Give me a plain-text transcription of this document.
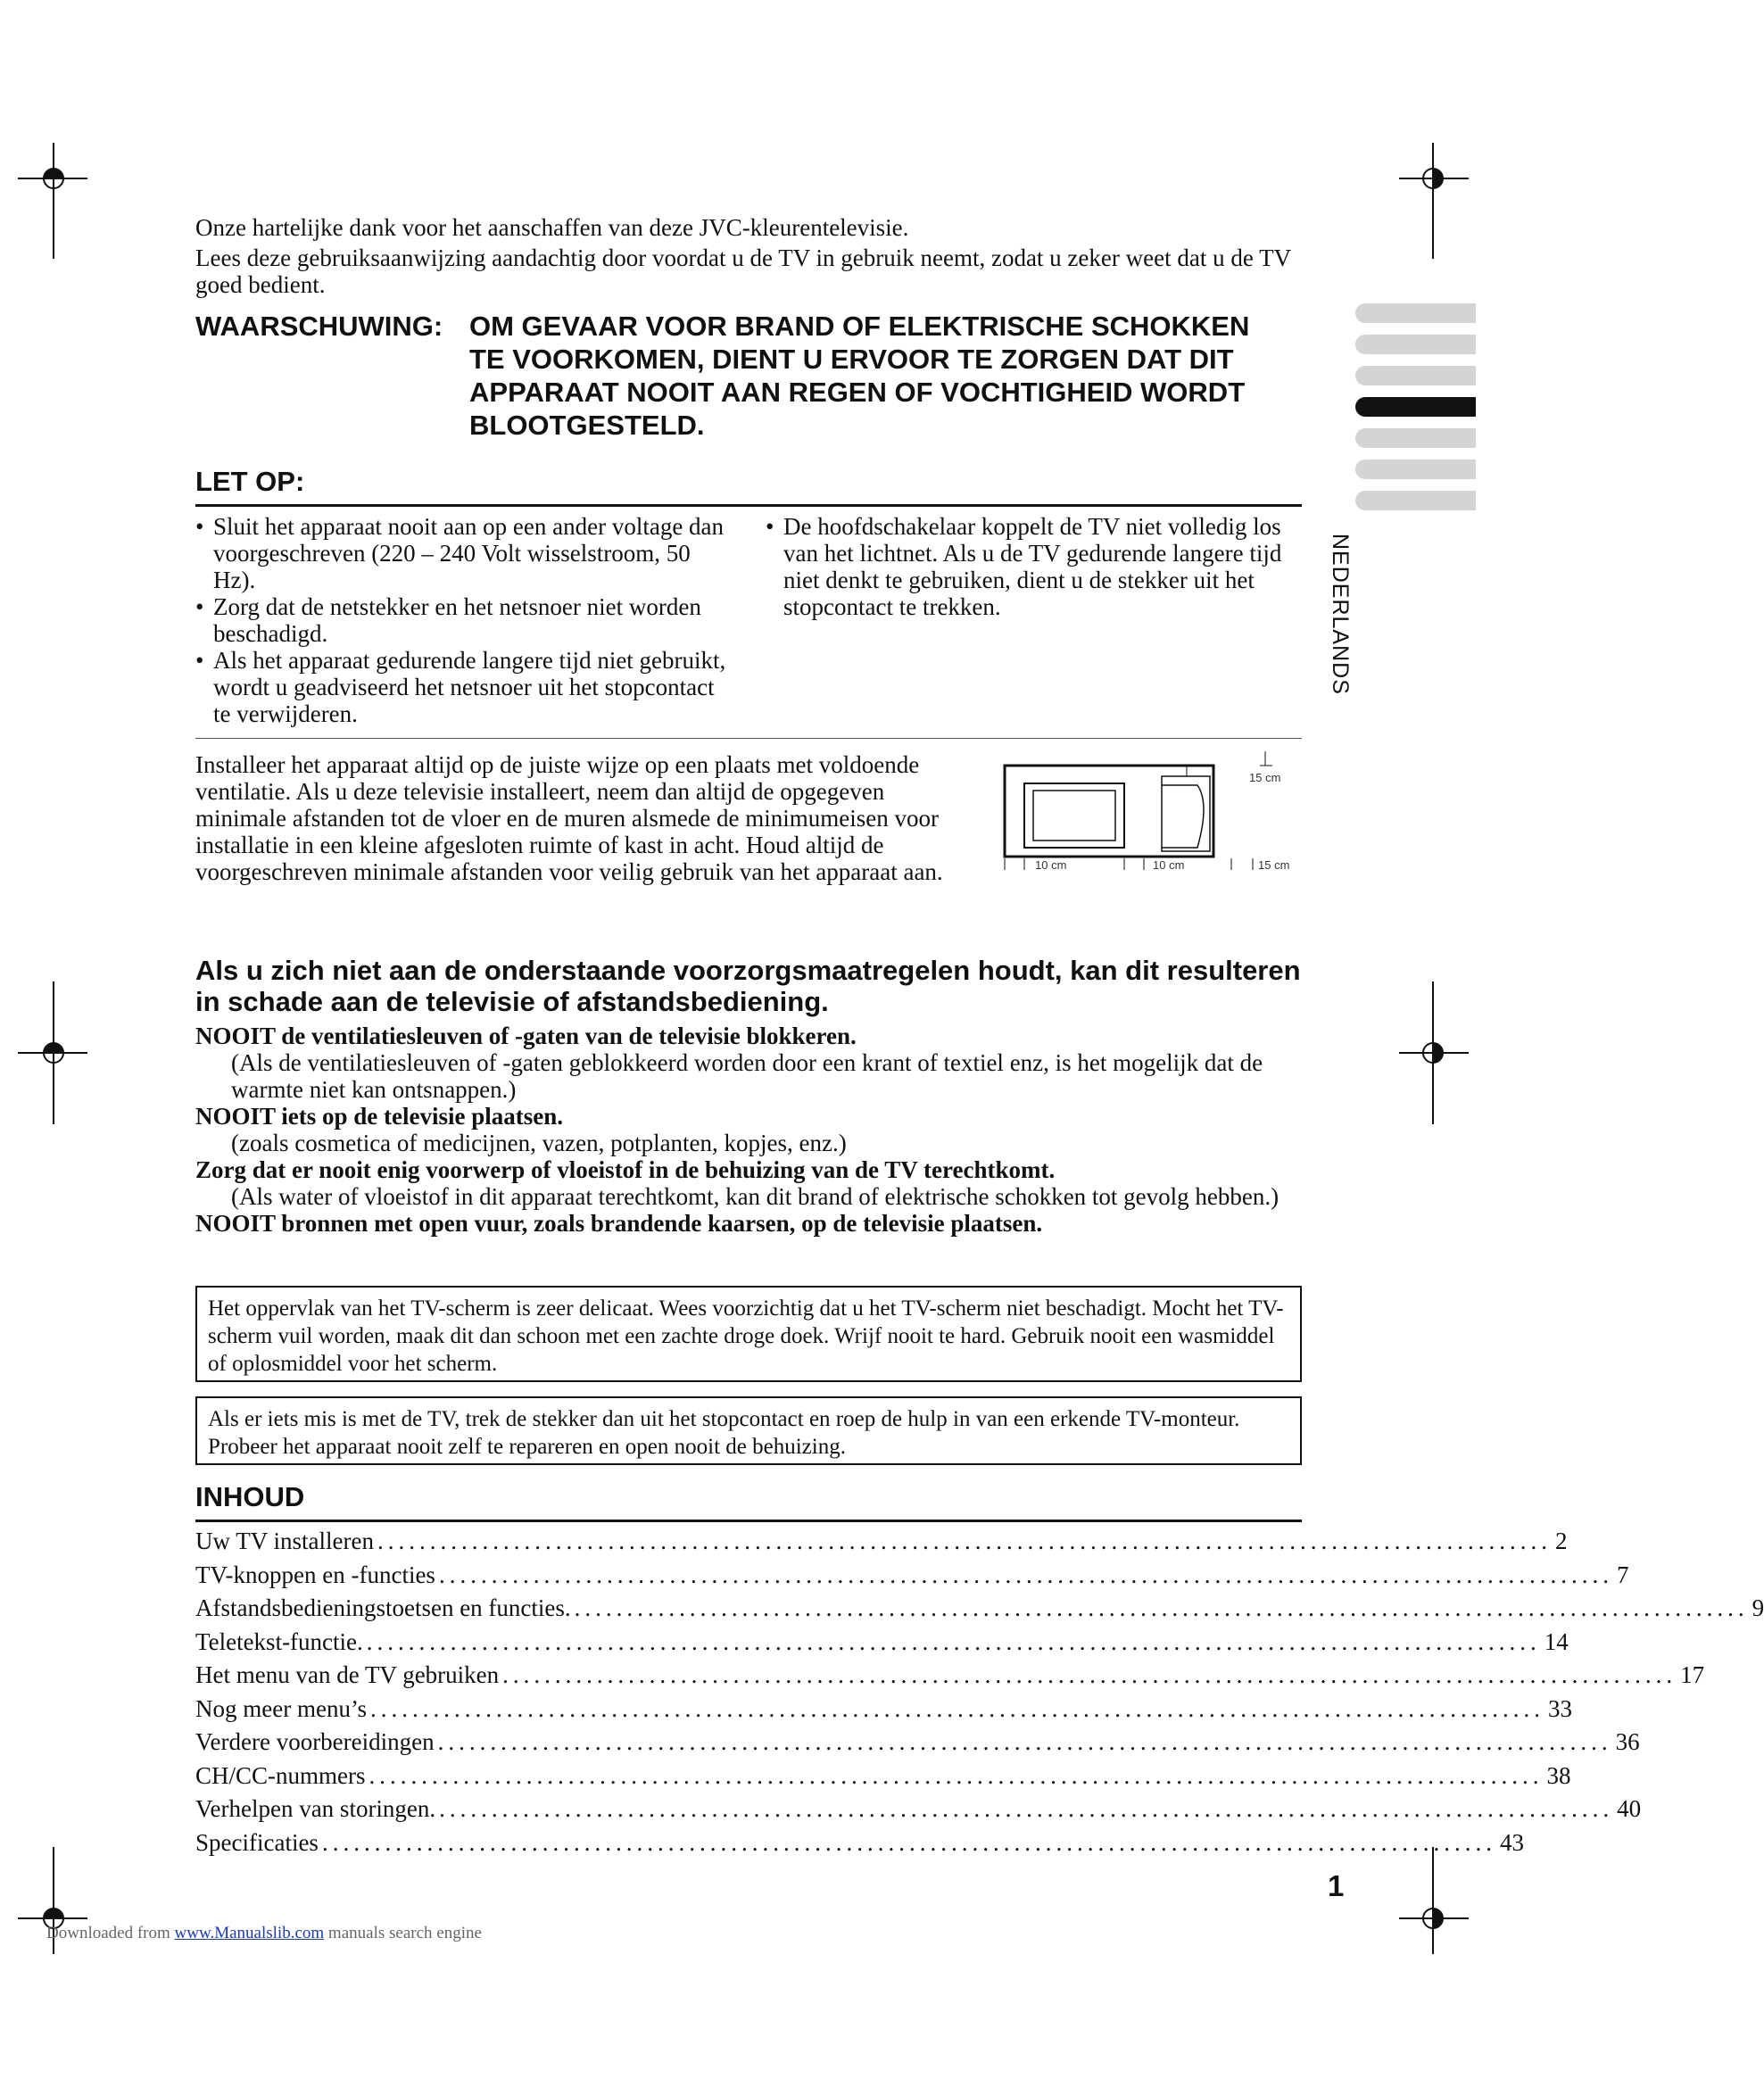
Onze hartelijke dank voor het aanschaffen van deze JVC-kleurentelevisie.

Lees deze gebruiksaanwijzing aandachtig door voordat u de TV in gebruik neemt, zodat u zeker weet dat u de TV goed bedient.

WAARSCHUWING: OM GEVAAR VOOR BRAND OF ELEKTRISCHE SCHOKKEN TE VOORKOMEN, DIENT U ERVOOR TE ZORGEN DAT DIT APPARAAT NOOIT AAN REGEN OF VOCHTIGHEID WORDT BLOOTGESTELD.
LET OP:
• Sluit het apparaat nooit aan op een ander voltage dan voorgeschreven (220 – 240 Volt wisselstroom, 50 Hz).
• Zorg dat de netstekker en het netsnoer niet worden beschadigd.
• Als het apparaat gedurende langere tijd niet gebruikt, wordt u geadviseerd het netsnoer uit het stopcontact te verwijderen.
• De hoofdschakelaar koppelt de TV niet volledig los van het lichtnet. Als u de TV gedurende langere tijd niet denkt te gebruiken, dient u de stekker uit het stopcontact te trekken.

Installeer het apparaat altijd op de juiste wijze op een plaats met voldoende ventilatie. Als u deze televisie installeert, neem dan altijd de opgegeven minimale afstanden tot de vloer en de muren alsmede de minimumeisen voor installatie in een kleine afgesloten ruimte of kast in acht. Houd altijd de voorgeschreven minimale afstanden voor veilig gebruik van het apparaat aan.

15 cm
10 cm	10 cm	15 cm
Als u zich niet aan de onderstaande voorzorgsmaatregelen houdt, kan dit resulteren in schade aan de televisie of afstandsbediening.
NOOIT de ventilatiesleuven of -gaten van de televisie blokkeren.
(Als de ventilatiesleuven of -gaten geblokkeerd worden door een krant of textiel enz, is het mogelijk dat de warmte niet kan ontsnappen.)
NOOIT iets op de televisie plaatsen.
(zoals cosmetica of medicijnen, vazen, potplanten, kopjes, enz.)
Zorg dat er nooit enig voorwerp of vloeistof in de behuizing van de TV terechtkomt.
(Als water of vloeistof in dit apparaat terechtkomt, kan dit brand of elektrische schokken tot gevolg hebben.)
NOOIT bronnen met open vuur, zoals brandende kaarsen, op de televisie plaatsen.
Het oppervlak van het TV-scherm is zeer delicaat. Wees voorzichtig dat u het TV-scherm niet beschadigt. Mocht het TV-scherm vuil worden, maak dit dan schoon met een zachte droge doek. Wrijf nooit te hard. Gebruik nooit een wasmiddel of oplosmiddel voor het scherm.
Als er iets mis is met de TV, trek de stekker dan uit het stopcontact en roep de hulp in van een erkende TV-monteur. Probeer het apparaat nooit zelf te repareren en open nooit de behuizing.
INHOUD
Uw TV installeren ................................................................................................................ 2
TV-knoppen en -functies ................................................................................................................ 7
Afstandsbedieningstoetsen en functies. ................................................................................................................ 9
Teletekst-functie. ................................................................................................................ 14
Het menu van de TV gebruiken ................................................................................................................ 17
Nog meer menu’s ................................................................................................................ 33
Verdere voorbereidingen ................................................................................................................ 36
CH/CC-nummers ................................................................................................................ 38
Verhelpen van storingen. ................................................................................................................ 40
Specificaties ................................................................................................................ 43
NEDERLANDS
1
Downloaded from www.Manualslib.com manuals search engine
